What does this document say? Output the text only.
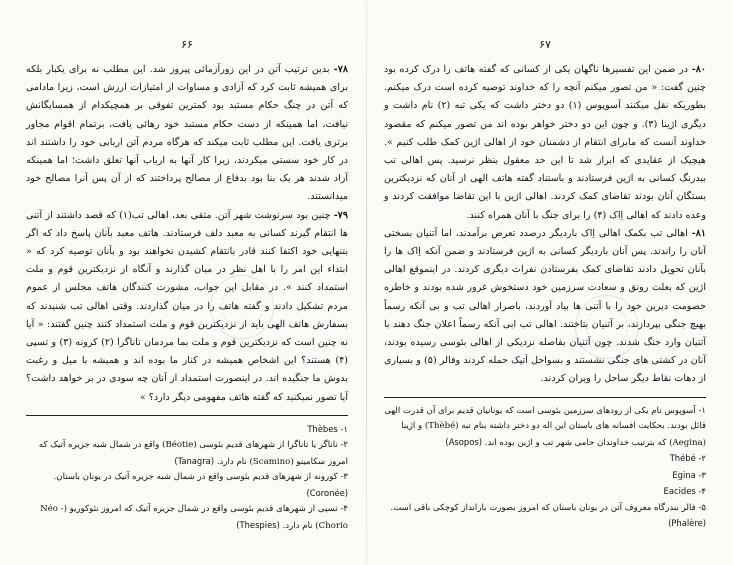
۶۶

۷۸- بدین ترتیب آتن در این زورآزمائی پیروز شد. این مطلب نه برای یکبار بلکه برای همیشه ثابت کرد که آزادی و مساوات از امتیازات ارزش است، زیرا مادامی که آتن در چنگ حکام مستبد بود کمترین تفوقی بر همچیکدام از همسایگانش نیافت، اما همینکه از دست حکام مستبد خود رهائی یافت، برتمام اقوام مجاور برتری یافت. این مطلب ثابت میکند که هرگاه مردم آتن اربابی خود را داشتند اند در کار خود سستی میکردند، زیرا کار آنها به ارباب آنها تعلق داشت؛ اما همینکه آزاد شدند هر یک بنا بود بدفاع از مصالح پرداختند که از آن پس آنرا مصالح خود میدانستند.

۷۹- چنین بود سرنوشت شهر آتن. متقی بعد، اهالی تب(۱) که قصد داشتند از آتنی ها انتقام گیرند کسانی به معبد دلف فرستادند. هاتف معبد بآنان پاسخ داد که اگر بتنهایی خود اکتفا کنند قادر بانتقام کشیدن نخواهند بود و بآنان توصیه کرد که « ابتداء این امر را با اهل نظر در میان گذارند و آنگاه از نزدیکترین قوم و ملت استمداد کنند ». در مقابل این جواب، مشورت کنندگان هاتف مجلس از عموم مردم تشکیل دادند و گفته هاتف را در میان گذاردند. وقتی اهالی تب شنیدند که بسفارش هاتف الهی باید از نزدیکترین قوم و ملت استمداد کنند چنین گفتند: « آیا نه چنین است که نزدیکترین قوم و ملت بما مردمان تاناگرا (۲) کرونه (۳) و تسپی (۴) هستند؟ این اشخاص همیشه در کنار ما بوده اند و همیشه با میل و رغبت بدوش ما جنگیده اند. در اینصورت استمداد از آنان چه سودی در بر خواهد داشت؟ آیا تصور نمیکنید که گفته هاتف مفهومی دیگر دارد؟ »

۱- Thèbes

۲- تاناگر یا تاناگرا از شهرهای قدیم بئوسی (Béotie) واقع در شمال شبه جزیره آتیک که امروز سکامینو (Scamino) نام دارد. (Tanagra)

۳- کورونه از شهرهای قدیم بئوسی واقع در شمال شبه جزیره آتیک در یونان باستان. (Coronée)

۴- تسپی از شهرهای قدیم بئوسی واقع در شمال جزیره آتیک که امروز نئوکوریو (Néo - Chorio) نام دارد. (Thespies)

۶۷

۸۰- در ضمن این تفسیرها ناگهان یکی از کسانی که گفته هاتف را درک کرده بود چنین گفت: « من تصور میکنم آنچه را که خداوند توصیه کرده است درک میکنم. بطوریکه نقل میکنند آسوپوس (۱) دو دختر داشت که یکی تبه (۲) نام داشت و دیگری اژینا (۳). و چون این دو دختر خواهر بوده اند من تصور میکنم که مقصود خداوند آنست که مابرای انتقام از دشمنان خود از اهالی اژین کمک طلب کنیم ». هیچیک از عقایدی که ابراز شد تا این حد معقول بنظر نرسید. پس اهالی تب بیدرنگ کسانی به اژین فرستادند و باستناد گفته هاتف الهی از آنان که نزدیکترین بستگان آنان بودند تقاضای کمک کردند. اهالی اژین با این تقاضا موافقت کردند و وعده دادند که اهالی اِاک (۴) را برای جنگ با آنان همراه کنند.

۸۱- اهالی تب بکمک اهالی اِاک باردیگر درصدد تعرض برآمدند، اما آتنیان بسختی آنان را راندند. پس آنان باردیگر کسانی به اژین فرستادند و ضمن آنکه اِاک ها را بآنان تحویل دادند تقاضای کمک بفرستادن نفرات دیگری کردند. در اینموقع اهالی اژین که بعلت رونق و سعادت سرزمین خود دستخوش غرور شده بودند و خاطره خصومت دیرین خود را با آتنی ها بیاد آوردند، باصرار اهالی تب و بی آنکه رسماً بهیچ جنگی بپردازند، بر آتنیان بتاختند. اهالی تب ابی آنکه رسماً اعلان جنگ دهند با آتنیان وارد جنگ شدند. چون آتنیان بفاصله نزدیکی از اهالی بئوسی رسیده بودند، آنان در کشتی های جنگی نشستند و بسواحل آتیک حمله کردند وفالر (۵) و بسیاری از دهات نقاط دیگر ساحل را ویران کردند.

۱- آسوپوس نام یکی از رودهای سرزمین بئوسی است که یونانیان قدیم برای آن قدرت الهی قائل بودند. بحکایت افسانه های باستان این اله دو دختر داشته بنام تبه (Thèbé) و اژینا (Aegina) که بترتیب خداوندان حامی شهر تب و اژین بوده اند. (Asopos)

۲- Thébé

۳- Egina

۴- Eacides

۵- فالر بندرگاه معروف آتن در یونان باستان که امروز بصورت بارانداز کوچکی باقی است. (Phalère)
